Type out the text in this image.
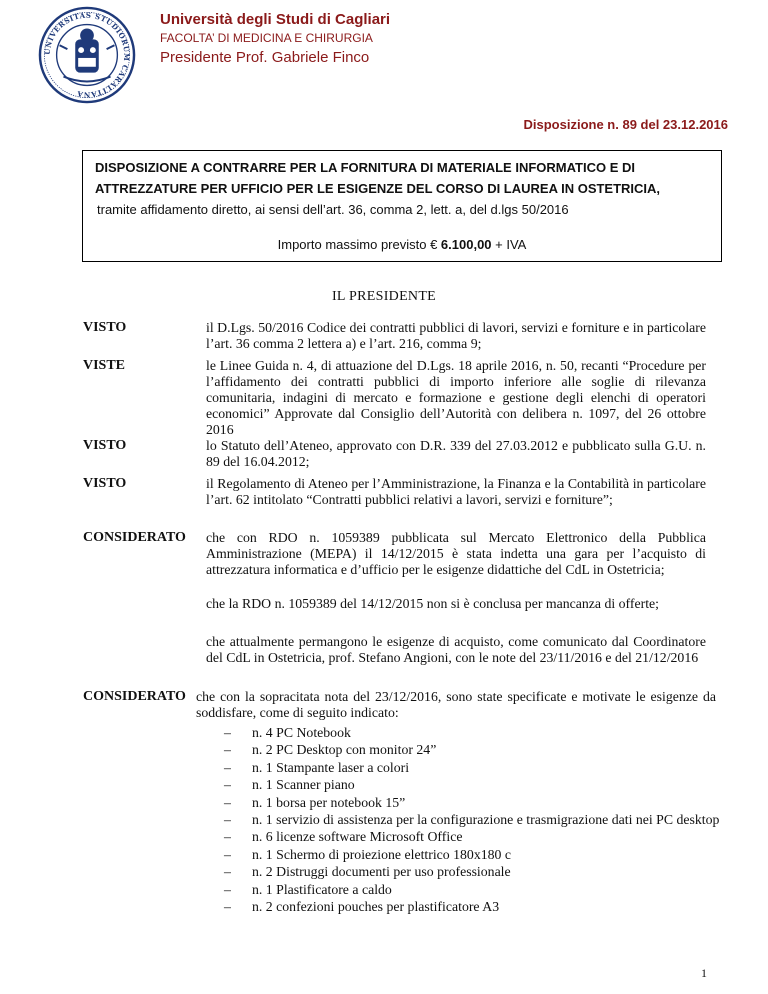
UNIVERSITAS STUDIORUM CARALITANA
Università degli Studi di Cagliari
FACOLTA’ DI MEDICINA E CHIRURGIA
Presidente Prof. Gabriele Finco
Disposizione n. 89 del 23.12.2016
DISPOSIZIONE A CONTRARRE PER LA FORNITURA DI MATERIALE INFORMATICO E DI
ATTREZZATURE PER UFFICIO PER LE ESIGENZE DEL CORSO DI LAUREA IN OSTETRICIA,
tramite affidamento diretto, ai sensi dell’art. 36, comma 2, lett. a, del d.lgs 50/2016
Importo massimo previsto € 6.100,00 + IVA
IL PRESIDENTE
VISTO	il D.Lgs. 50/2016 Codice dei contratti pubblici di lavori, servizi e forniture e in particolare l’art. 36 comma 2 lettera a) e l’art. 216, comma 9;
VISTE	le Linee Guida n. 4, di attuazione del D.Lgs. 18 aprile 2016, n. 50, recanti “Procedure per l’affidamento dei contratti pubblici di importo inferiore alle soglie di rilevanza comunitaria, indagini di mercato e formazione e gestione degli elenchi di operatori economici” Approvate dal Consiglio dell’Autorità con delibera n. 1097, del 26 ottobre 2016
VISTO	lo Statuto dell’Ateneo, approvato con D.R. 339 del 27.03.2012 e pubblicato sulla G.U. n. 89 del 16.04.2012;
VISTO	il Regolamento di Ateneo per l’Amministrazione, la Finanza e la Contabilità in particolare l’art. 62 intitolato “Contratti pubblici relativi a lavori, servizi e forniture”;
CONSIDERATO che con RDO n. 1059389 pubblicata sul Mercato Elettronico della Pubblica Amministrazione (MEPA) il 14/12/2015 è stata indetta una gara per l’acquisto di attrezzatura informatica e d’ufficio per le esigenze didattiche del CdL in Ostetricia;
che la RDO n. 1059389 del 14/12/2015 non si è conclusa per mancanza di offerte;
che attualmente permangono le esigenze di acquisto, come comunicato dal Coordinatore del CdL in Ostetricia, prof. Stefano Angioni, con le note del 23/11/2016 e del 21/12/2016
CONSIDERATO che con la sopracitata nota del 23/12/2016, sono state specificate e motivate le esigenze da soddisfare, come di seguito indicato:
– n. 4 PC Notebook
– n. 2 PC Desktop con monitor 24”
– n. 1 Stampante laser a colori
– n. 1 Scanner piano
– n. 1 borsa per notebook 15”
– n. 1 servizio di assistenza per la configurazione e trasmigrazione dati nei PC desktop
– n. 6 licenze software Microsoft Office
– n. 1 Schermo di proiezione elettrico 180x180 c
– n. 2 Distruggi documenti per uso professionale
– n. 1 Plastificatore a caldo
– n. 2 confezioni pouches per plastificatore A3
1
